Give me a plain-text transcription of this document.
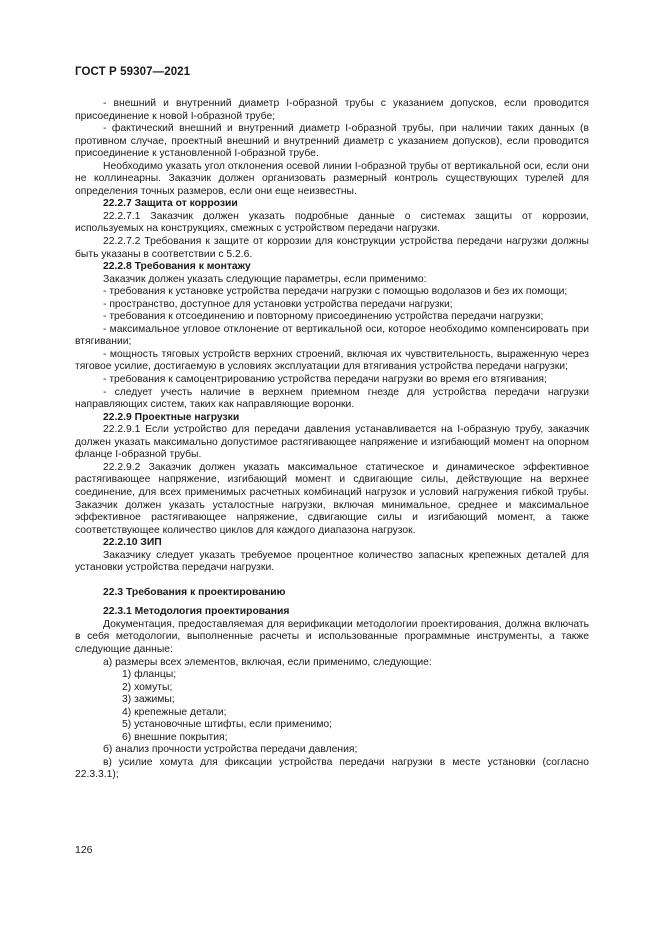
ГОСТ Р 59307—2021

- внешний и внутренний диаметр I-образной трубы с указанием допусков, если проводится присоединение к новой I-образной трубе;

- фактический внешний и внутренний диаметр I-образной трубы, при наличии таких данных (в противном случае, проектный внешний и внутренний диаметр с указанием допусков), если проводится присоединение к установленной I-образной трубе.

Необходимо указать угол отклонения осевой линии I-образной трубы от вертикальной оси, если они не коллинеарны. Заказчик должен организовать размерный контроль существующих турелей для определения точных размеров, если они еще неизвестны.

22.2.7 Защита от коррозии

22.2.7.1 Заказчик должен указать подробные данные о системах защиты от коррозии, используемых на конструкциях, смежных с устройством передачи нагрузки.

22.2.7.2 Требования к защите от коррозии для конструкции устройства передачи нагрузки должны быть указаны в соответствии с 5.2.6.

22.2.8 Требования к монтажу

Заказчик должен указать следующие параметры, если применимо:

- требования к установке устройства передачи нагрузки с помощью водолазов и без их помощи;

- пространство, доступное для установки устройства передачи нагрузки;

- требования к отсоединению и повторному присоединению устройства передачи нагрузки;

- максимальное угловое отклонение от вертикальной оси, которое необходимо компенсировать при втягивании;

- мощность тяговых устройств верхних строений, включая их чувствительность, выраженную через тяговое усилие, достигаемую в условиях эксплуатации для втягивания устройства передачи нагрузки;

- требования к самоцентрированию устройства передачи нагрузки во время его втягивания;

- следует учесть наличие в верхнем приемном гнезде для устройства передачи нагрузки направляющих систем, таких как направляющие воронки.

22.2.9 Проектные нагрузки

22.2.9.1 Если устройство для передачи давления устанавливается на I-образную трубу, заказчик должен указать максимально допустимое растягивающее напряжение и изгибающий момент на опорном фланце I-образной трубы.

22.2.9.2 Заказчик должен указать максимальное статическое и динамическое эффективное растягивающее напряжение, изгибающий момент и сдвигающие силы, действующие на верхнее соединение, для всех применимых расчетных комбинаций нагрузок и условий нагружения гибкой трубы. Заказчик должен указать усталостные нагрузки, включая минимальное, среднее и максимальное эффективное растягивающее напряжение, сдвигающие силы и изгибающий момент, а также соответствующее количество циклов для каждого диапазона нагрузок.

22.2.10 ЗИП

Заказчику следует указать требуемое процентное количество запасных крепежных деталей для установки устройства передачи нагрузки.

22.3 Требования к проектированию

22.3.1 Методология проектирования

Документация, предоставляемая для верификации методологии проектирования, должна включать в себя методологии, выполненные расчеты и использованные программные инструменты, а также следующие данные:

а) размеры всех элементов, включая, если применимо, следующие:

1) фланцы;

2) хомуты;

3) зажимы;

4) крепежные детали;

5) установочные штифты, если применимо;

6) внешние покрытия;

б) анализ прочности устройства передачи давления;

в) усилие хомута для фиксации устройства передачи нагрузки в месте установки (согласно 22.3.3.1);

126
